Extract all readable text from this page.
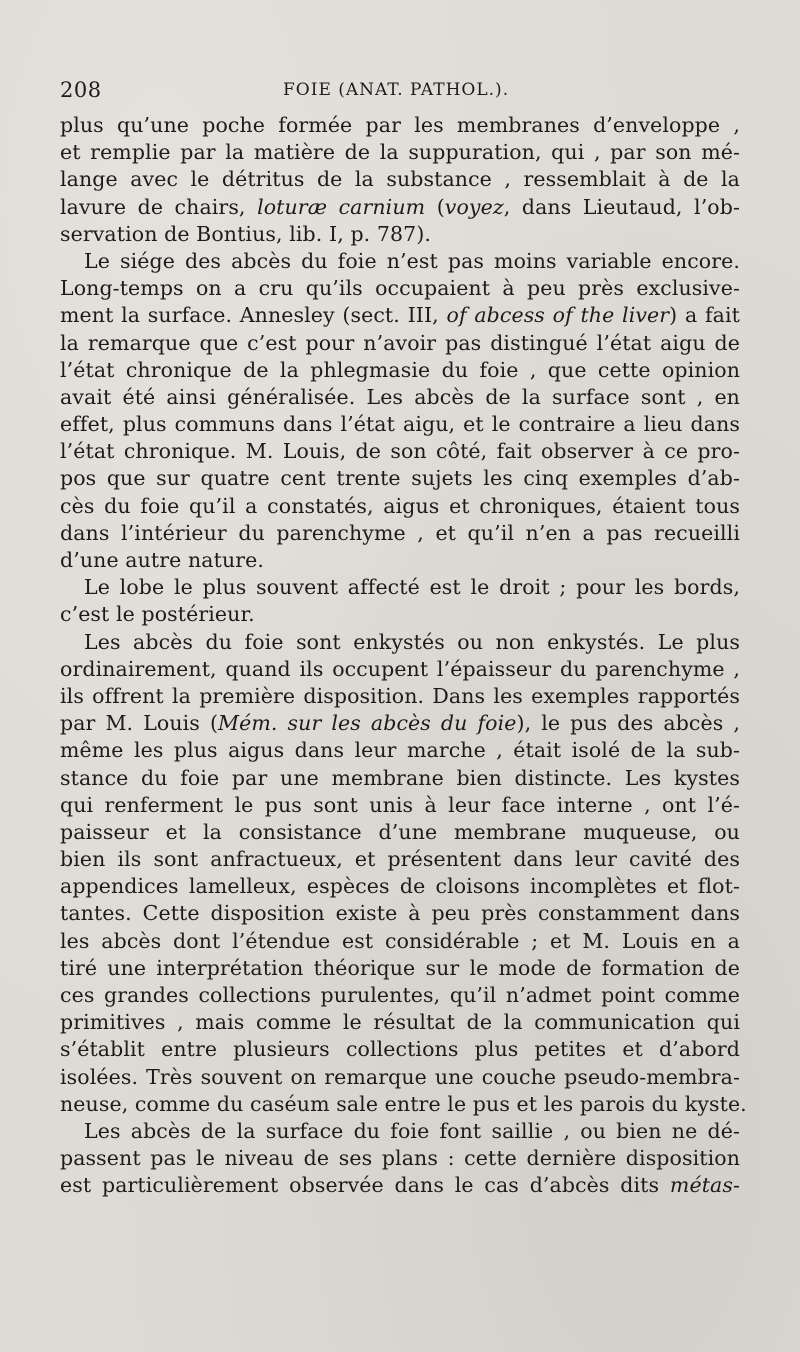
208	FOIE (ANAT. PATHOL.).
plus qu’une poche formée par les membranes d’enveloppe ,
et remplie par la matière de la suppuration, qui , par son mé-
lange avec le détritus de la substance , ressemblait à de la
lavure de chairs, loturæ carnium (voyez, dans Lieutaud, l’ob-
servation de Bontius, lib. I, p. 787).
Le siége des abcès du foie n’est pas moins variable encore.
Long-temps on a cru qu’ils occupaient à peu près exclusive-
ment la surface. Annesley (sect. III, of abcess of the liver) a fait
la remarque que c’est pour n’avoir pas distingué l’état aigu de
l’état chronique de la phlegmasie du foie , que cette opinion
avait été ainsi généralisée. Les abcès de la surface sont , en
effet, plus communs dans l’état aigu, et le contraire a lieu dans
l’état chronique. M. Louis, de son côté, fait observer à ce pro-
pos que sur quatre cent trente sujets les cinq exemples d’ab-
cès du foie qu’il a constatés, aigus et chroniques, étaient tous
dans l’intérieur du parenchyme , et qu’il n’en a pas recueilli
d’une autre nature.
Le lobe le plus souvent affecté est le droit ; pour les bords,
c’est le postérieur.
Les abcès du foie sont enkystés ou non enkystés. Le plus
ordinairement, quand ils occupent l’épaisseur du parenchyme ,
ils offrent la première disposition. Dans les exemples rapportés
par M. Louis (Mém. sur les abcès du foie), le pus des abcès ,
même les plus aigus dans leur marche , était isolé de la sub-
stance du foie par une membrane bien distincte. Les kystes
qui renferment le pus sont unis à leur face interne , ont l’é-
paisseur et la consistance d’une membrane muqueuse, ou
bien ils sont anfractueux, et présentent dans leur cavité des
appendices lamelleux, espèces de cloisons incomplètes et flot-
tantes. Cette disposition existe à peu près constamment dans
les abcès dont l’étendue est considérable ; et M. Louis en a
tiré une interprétation théorique sur le mode de formation de
ces grandes collections purulentes, qu’il n’admet point comme
primitives , mais comme le résultat de la communication qui
s’établit entre plusieurs collections plus petites et d’abord
isolées. Très souvent on remarque une couche pseudo-membra-
neuse, comme du caséum sale entre le pus et les parois du kyste.
Les abcès de la surface du foie font saillie , ou bien ne dé-
passent pas le niveau de ses plans : cette dernière disposition
est particulièrement observée dans le cas d’abcès dits métas-
